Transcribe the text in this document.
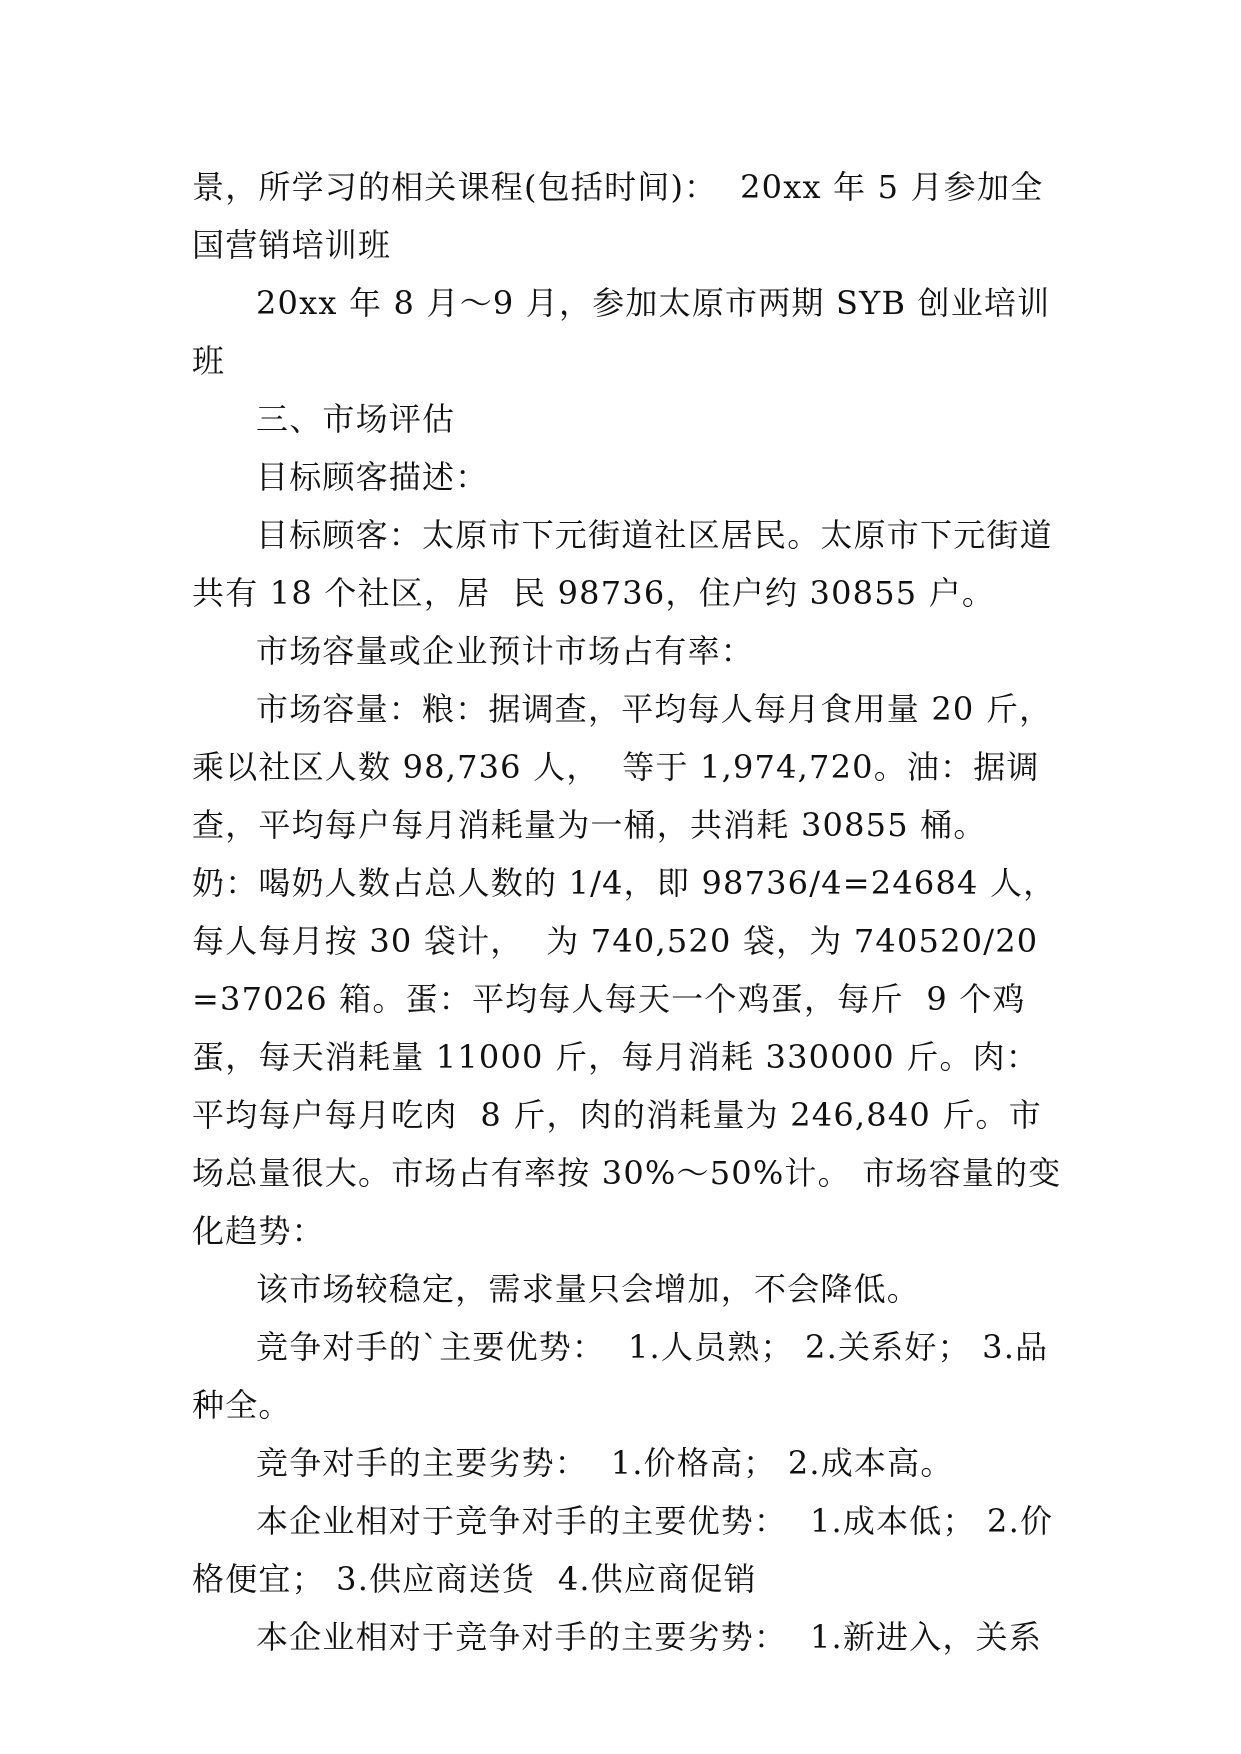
景，所学习的相关课程(包括时间)：  20xx 年 5 月参加全国营销培训班

20xx 年 8 月～9 月，参加太原市两期 SYB 创业培训班

三、市场评估

目标顾客描述：

目标顾客：太原市下元街道社区居民。太原市下元街道共有 18 个社区，居  民 98736，住户约 30855 户。

市场容量或企业预计市场占有率：

市场容量：粮：据调查，平均每人每月食用量 20 斤，乘以社区人数 98,736 人，  等于 1,974,720。油：据调查，平均每户每月消耗量为一桶，共消耗 30855 桶。 奶：喝奶人数占总人数的 1/4，即 98736/4=24684 人，每人每月按 30 袋计，  为 740,520 袋，为 740520/20=37026 箱。蛋：平均每人每天一个鸡蛋，每斤  9 个鸡蛋，每天消耗量 11000 斤，每月消耗 330000 斤。肉：平均每户每月吃肉  8 斤，肉的消耗量为 246,840 斤。市场总量很大。市场占有率按 30%～50%计。 市场容量的变化趋势：

该市场较稳定，需求量只会增加，不会降低。

竞争对手的`主要优势：  1.人员熟； 2.关系好； 3.品种全。

竞争对手的主要劣势：  1.价格高； 2.成本高。

本企业相对于竞争对手的主要优势：  1.成本低； 2.价格便宜； 3.供应商送货  4.供应商促销

本企业相对于竞争对手的主要劣势：  1.新进入，关系
